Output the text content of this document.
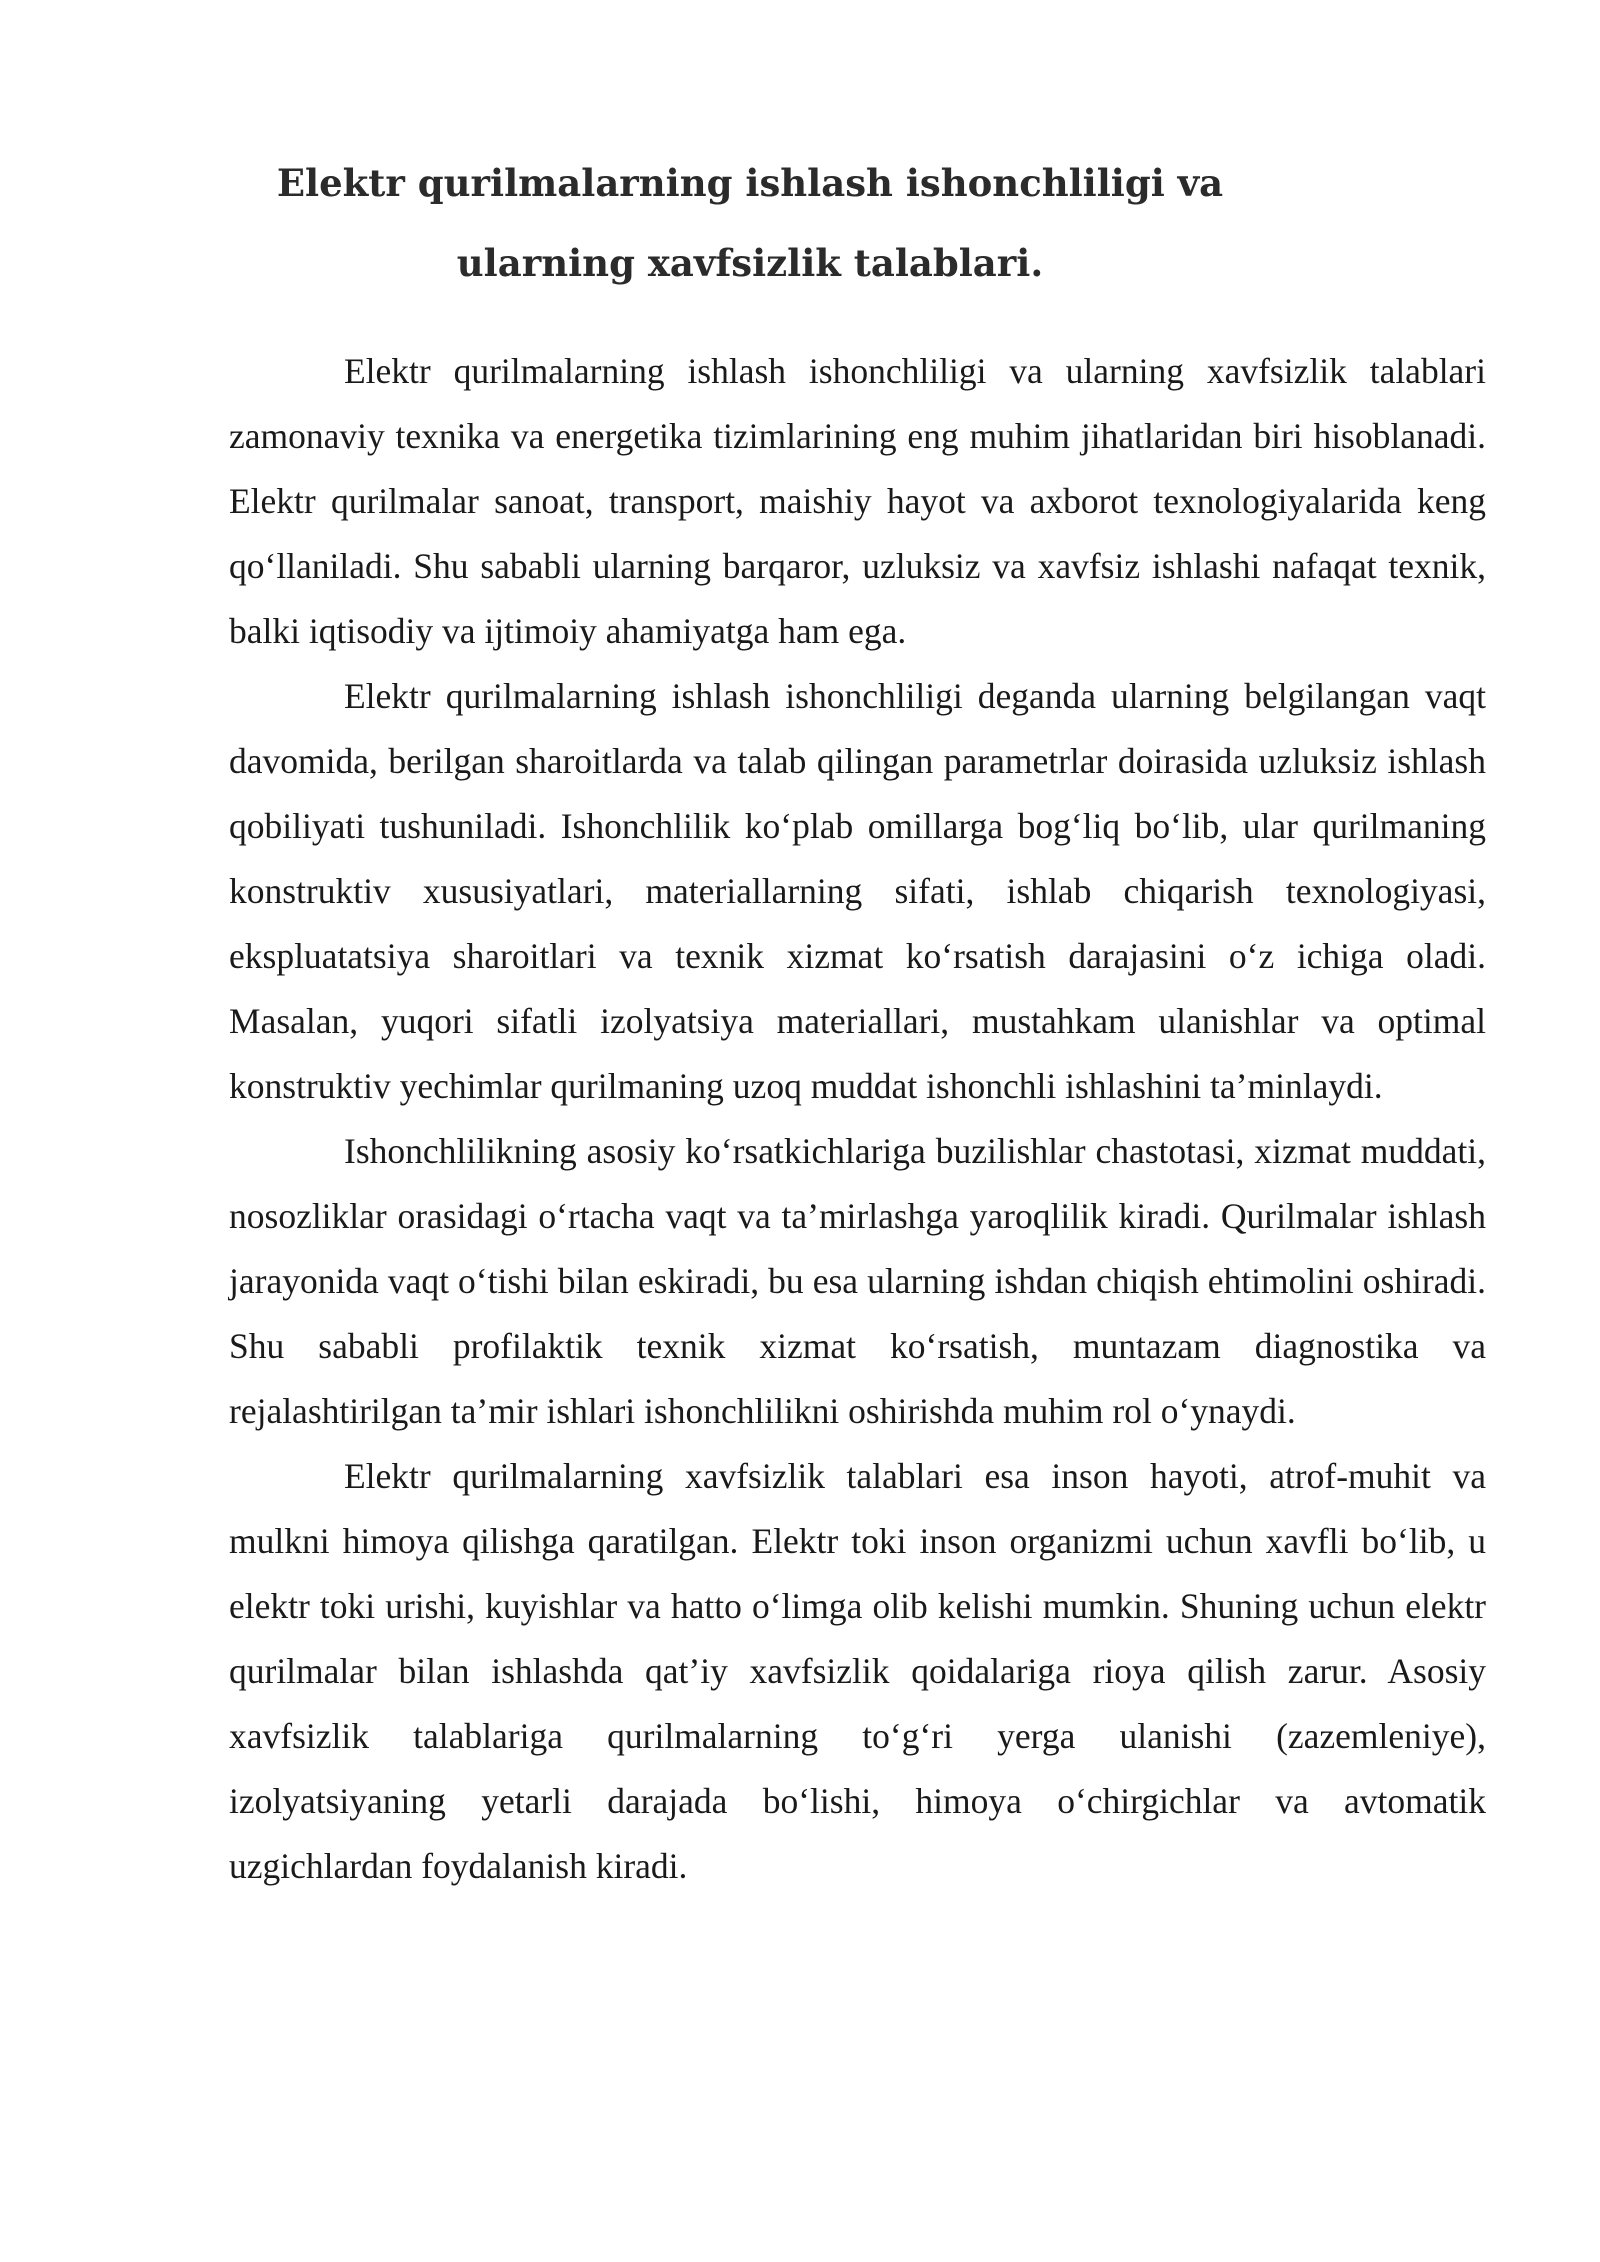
Elektr qurilmalarning ishlash ishonchliligi va ularning xavfsizlik talablari.

Elektr qurilmalarning ishlash ishonchliligi va ularning xavfsizlik talablari zamonaviy texnika va energetika tizimlarining eng muhim jihatlaridan biri hisoblanadi. Elektr qurilmalar sanoat, transport, maishiy hayot va axborot texnologiyalarida keng qo‘llaniladi. Shu sababli ularning barqaror, uzluksiz va xavfsiz ishlashi nafaqat texnik, balki iqtisodiy va ijtimoiy ahamiyatga ham ega.

Elektr qurilmalarning ishlash ishonchliligi deganda ularning belgilangan vaqt davomida, berilgan sharoitlarda va talab qilingan parametrlar doirasida uzluksiz ishlash qobiliyati tushuniladi. Ishonchlilik ko‘plab omillarga bog‘liq bo‘lib, ular qurilmaning konstruktiv xususiyatlari, materiallarning sifati, ishlab chiqarish texnologiyasi, ekspluatatsiya sharoitlari va texnik xizmat ko‘rsatish darajasini o‘z ichiga oladi. Masalan, yuqori sifatli izolyatsiya materiallari, mustahkam ulanishlar va optimal konstruktiv yechimlar qurilmaning uzoq muddat ishonchli ishlashini ta’minlaydi.

Ishonchlilikning asosiy ko‘rsatkichlariga buzilishlar chastotasi, xizmat muddati, nosozliklar orasidagi o‘rtacha vaqt va ta’mirlashga yaroqlilik kiradi. Qurilmalar ishlash jarayonida vaqt o‘tishi bilan eskiradi, bu esa ularning ishdan chiqish ehtimolini oshiradi. Shu sababli profilaktik texnik xizmat ko‘rsatish, muntazam diagnostika va rejalashtirilgan ta’mir ishlari ishonchlilikni oshirishda muhim rol o‘ynaydi.

Elektr qurilmalarning xavfsizlik talablari esa inson hayoti, atrof-muhit va mulkni himoya qilishga qaratilgan. Elektr toki inson organizmi uchun xavfli bo‘lib, u elektr toki urishi, kuyishlar va hatto o‘limga olib kelishi mumkin. Shuning uchun elektr qurilmalar bilan ishlashda qat’iy xavfsizlik qoidalariga rioya qilish zarur. Asosiy xavfsizlik talablariga qurilmalarning to‘g‘ri yerga ulanishi (zazemleniye), izolyatsiyaning yetarli darajada bo‘lishi, himoya o‘chirgichlar va avtomatik uzgichlardan foydalanish kiradi.
